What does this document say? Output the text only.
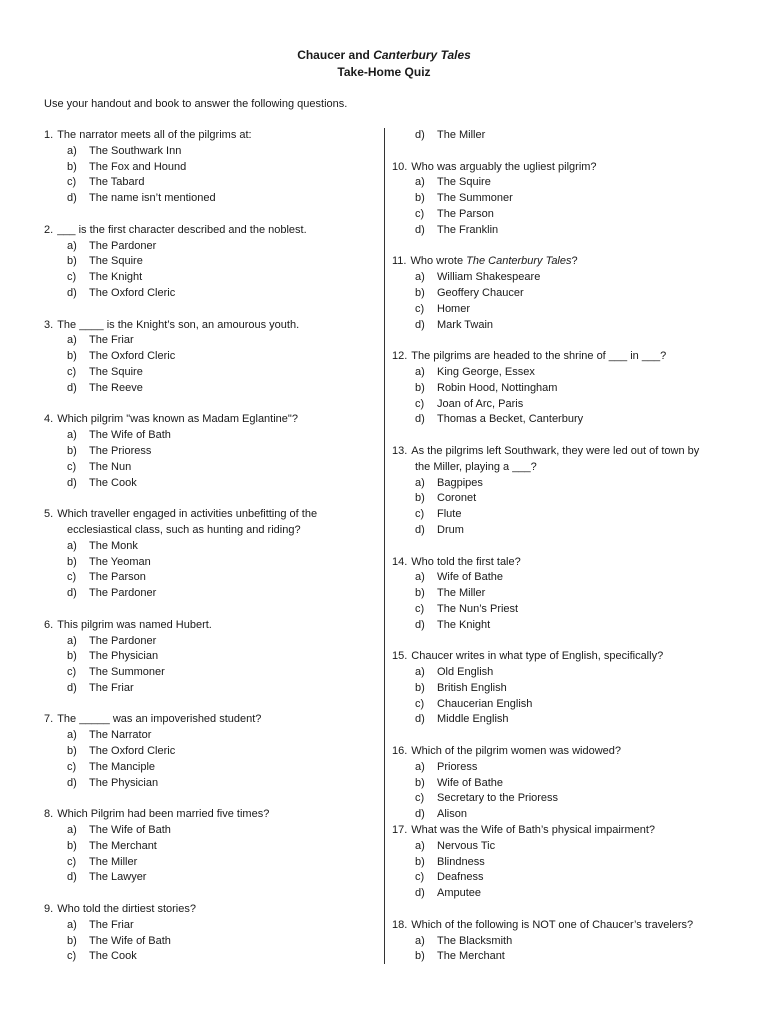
Chaucer and Canterbury Tales
Take-Home Quiz
Use your handout and book to answer the following questions.
1. The narrator meets all of the pilgrims at:
a)	The Southwark Inn
b)	The Fox and Hound
c)	The Tabard
d)	The name isn’t mentioned
2. ___ is the first character described and the noblest.
a)	The Pardoner
b)	The Squire
c)	The Knight
d)	The Oxford Cleric
3. The ____ is the Knight’s son, an amourous youth.
a)	The Friar
b)	The Oxford Cleric
c)	The Squire
d)	The Reeve
4. Which pilgrim "was known as Madam Eglantine"?
a)	The Wife of Bath
b)	The Prioress
c)	The Nun
d)	The Cook
5. Which traveller engaged in activities unbefitting of the
ecclesiastical class, such as hunting and riding?
a)	The Monk
b)	The Yeoman
c)	The Parson
d)	The Pardoner
6. This pilgrim was named Hubert.
a)	The Pardoner
b)	The Physician
c)	The Summoner
d)	The Friar
7. The _____ was an impoverished student?
a)	The Narrator
b)	The Oxford Cleric
c)	The Manciple
d)	The Physician
8. Which Pilgrim had been married five times?
a)	The Wife of Bath
b)	The Merchant
c)	The Miller
d)	The Lawyer
9. Who told the dirtiest stories?
a)	The Friar
b)	The Wife of Bath
c)	The Cook
d)	The Miller
10. Who was arguably the ugliest pilgrim?
a)	The Squire
b)	The Summoner
c)	The Parson
d)	The Franklin
11. Who wrote
The Canterbury Tales ?
a)	William Shakespeare
b)	Geoffery Chaucer
c)	Homer
d)	Mark Twain
12. The pilgrims are headed to the shrine of ___ in ___?
a)	King George, Essex
b)	Robin Hood, Nottingham
c)	Joan of Arc, Paris
d)	Thomas a Becket, Canterbury
13. As the pilgrims left Southwark, they were led out of town by
the Miller, playing a ___?
a)	Bagpipes
b)	Coronet
c)	Flute
d)	Drum
14. Who told the first tale?
a)	Wife of Bathe
b)	The Miller
c)	The Nun’s Priest
d)	The Knight
15. Chaucer writes in what type of English, specifically?
a)	Old English
b)	British English
c)	Chaucerian English
d)	Middle English
16. Which of the pilgrim women was widowed?
a)	Prioress
b)	Wife of Bathe
c)	Secretary to the Prioress
d)	Alison
17. What was the Wife of Bath’s physical impairment?
a)	Nervous Tic
b)	Blindness
c)	Deafness
d)	Amputee
18. Which of the following is NOT one of Chaucer’s travelers?
a)	The Blacksmith
b)	The Merchant
